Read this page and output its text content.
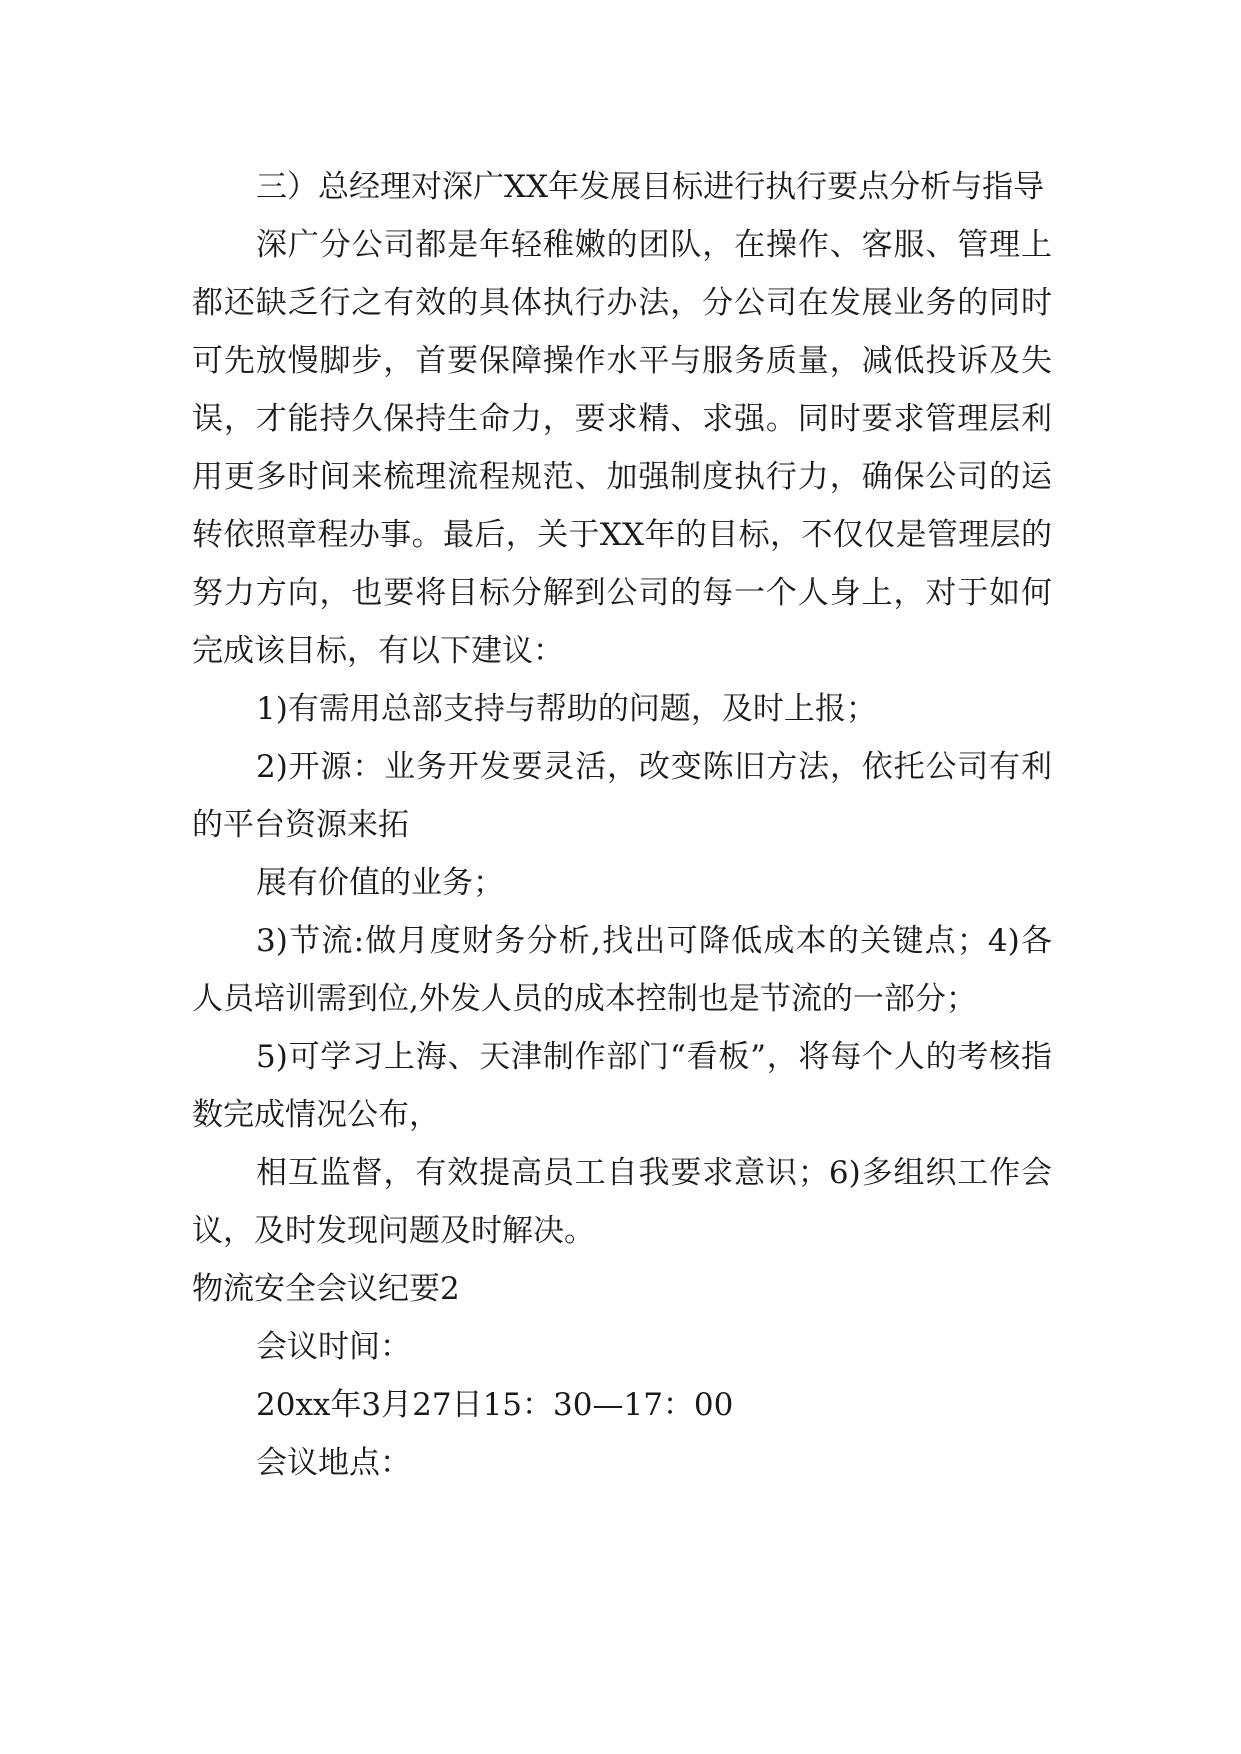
三）总经理对深广XX年发展目标进行执行要点分析与指导

深广分公司都是年轻稚嫩的团队，在操作、客服、管理上都还缺乏行之有效的具体执行办法，分公司在发展业务的同时可先放慢脚步，首要保障操作水平与服务质量，减低投诉及失误，才能持久保持生命力，要求精、求强。同时要求管理层利用更多时间来梳理流程规范、加强制度执行力，确保公司的运转依照章程办事。最后，关于XX年的目标，不仅仅是管理层的努力方向，也要将目标分解到公司的每一个人身上，对于如何完成该目标，有以下建议：

1)有需用总部支持与帮助的问题，及时上报；

2)开源：业务开发要灵活，改变陈旧方法，依托公司有利的平台资源来拓

展有价值的业务；

3)节流:做月度财务分析,找出可降低成本的关键点；4)各人员培训需到位,外发人员的成本控制也是节流的一部分；

5)可学习上海、天津制作部门“看板”，将每个人的考核指数完成情况公布，

相互监督，有效提高员工自我要求意识；6)多组织工作会议，及时发现问题及时解决。

物流安全会议纪要2

会议时间：

20xx年3月27日15：30—17：00

会议地点：
